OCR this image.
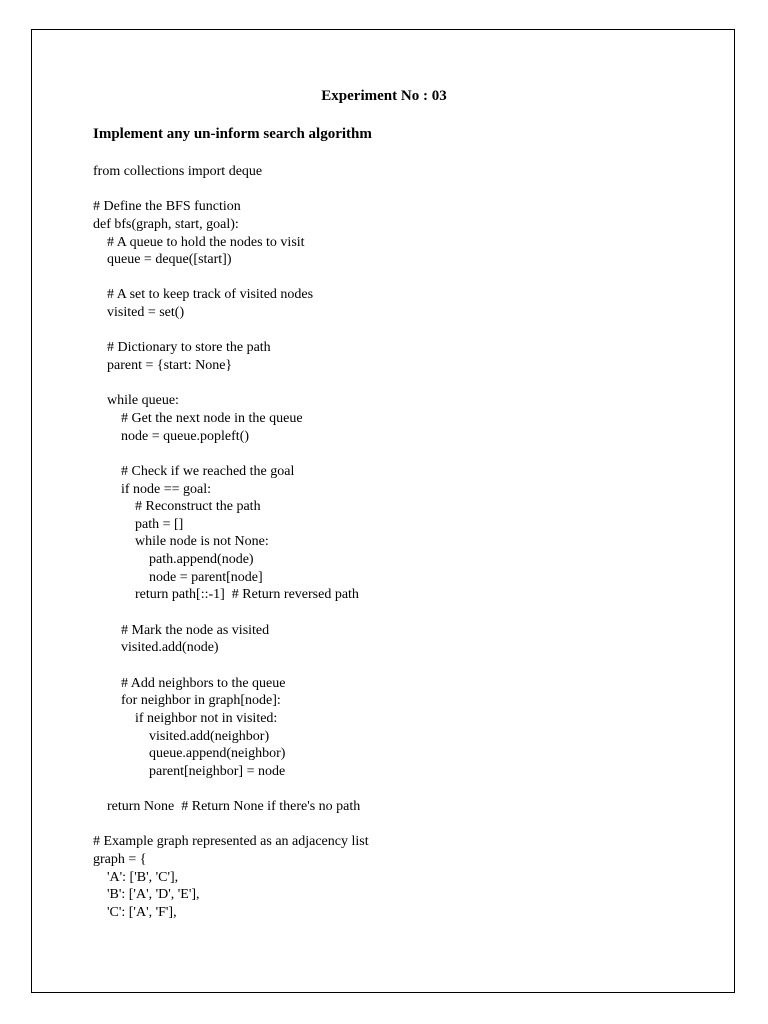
Experiment No : 03
Implement any un-inform search algorithm
from collections import deque
# Define the BFS function
def bfs(graph, start, goal):
# A queue to hold the nodes to visit
queue = deque([start])
# A set to keep track of visited nodes
visited = set()
# Dictionary to store the path
parent = {start: None}
while queue:
# Get the next node in the queue
node = queue.popleft()
# Check if we reached the goal
if node == goal:
# Reconstruct the path
path = []
while node is not None:
path.append(node)
node = parent[node]
return path[::-1]  # Return reversed path
# Mark the node as visited
visited.add(node)
# Add neighbors to the queue
for neighbor in graph[node]:
if neighbor not in visited:
visited.add(neighbor)
queue.append(neighbor)
parent[neighbor] = node
return None  # Return None if there's no path
# Example graph represented as an adjacency list
graph = {
'A': ['B', 'C'],
'B': ['A', 'D', 'E'],
'C': ['A', 'F'],
